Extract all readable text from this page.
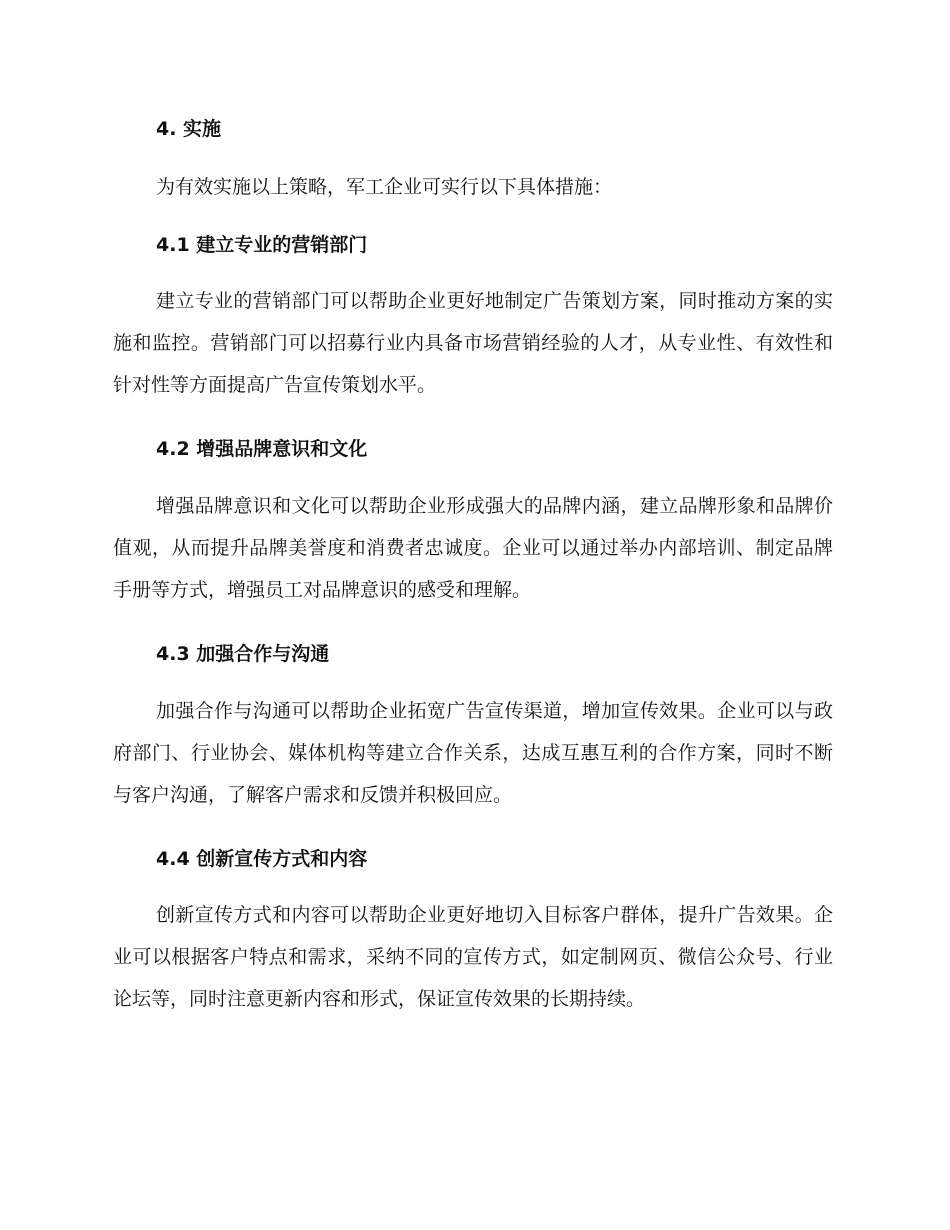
4. 实施
为有效实施以上策略，军工企业可实行以下具体措施：
4.1 建立专业的营销部门

建立专业的营销部门可以帮助企业更好地制定广告策划方案，同时推动方案的实施和监控。营销部门可以招募行业内具备市场营销经验的人才，从专业性、有效性和针对性等方面提高广告宣传策划水平。

4.2 增强品牌意识和文化

增强品牌意识和文化可以帮助企业形成强大的品牌内涵，建立品牌形象和品牌价值观，从而提升品牌美誉度和消费者忠诚度。企业可以通过举办内部培训、制定品牌手册等方式，增强员工对品牌意识的感受和理解。

4.3 加强合作与沟通

加强合作与沟通可以帮助企业拓宽广告宣传渠道，增加宣传效果。企业可以与政府部门、行业协会、媒体机构等建立合作关系，达成互惠互利的合作方案，同时不断与客户沟通，了解客户需求和反馈并积极回应。

4.4 创新宣传方式和内容

创新宣传方式和内容可以帮助企业更好地切入目标客户群体，提升广告效果。企业可以根据客户特点和需求，采纳不同的宣传方式，如定制网页、微信公众号、行业论坛等，同时注意更新内容和形式，保证宣传效果的长期持续。
